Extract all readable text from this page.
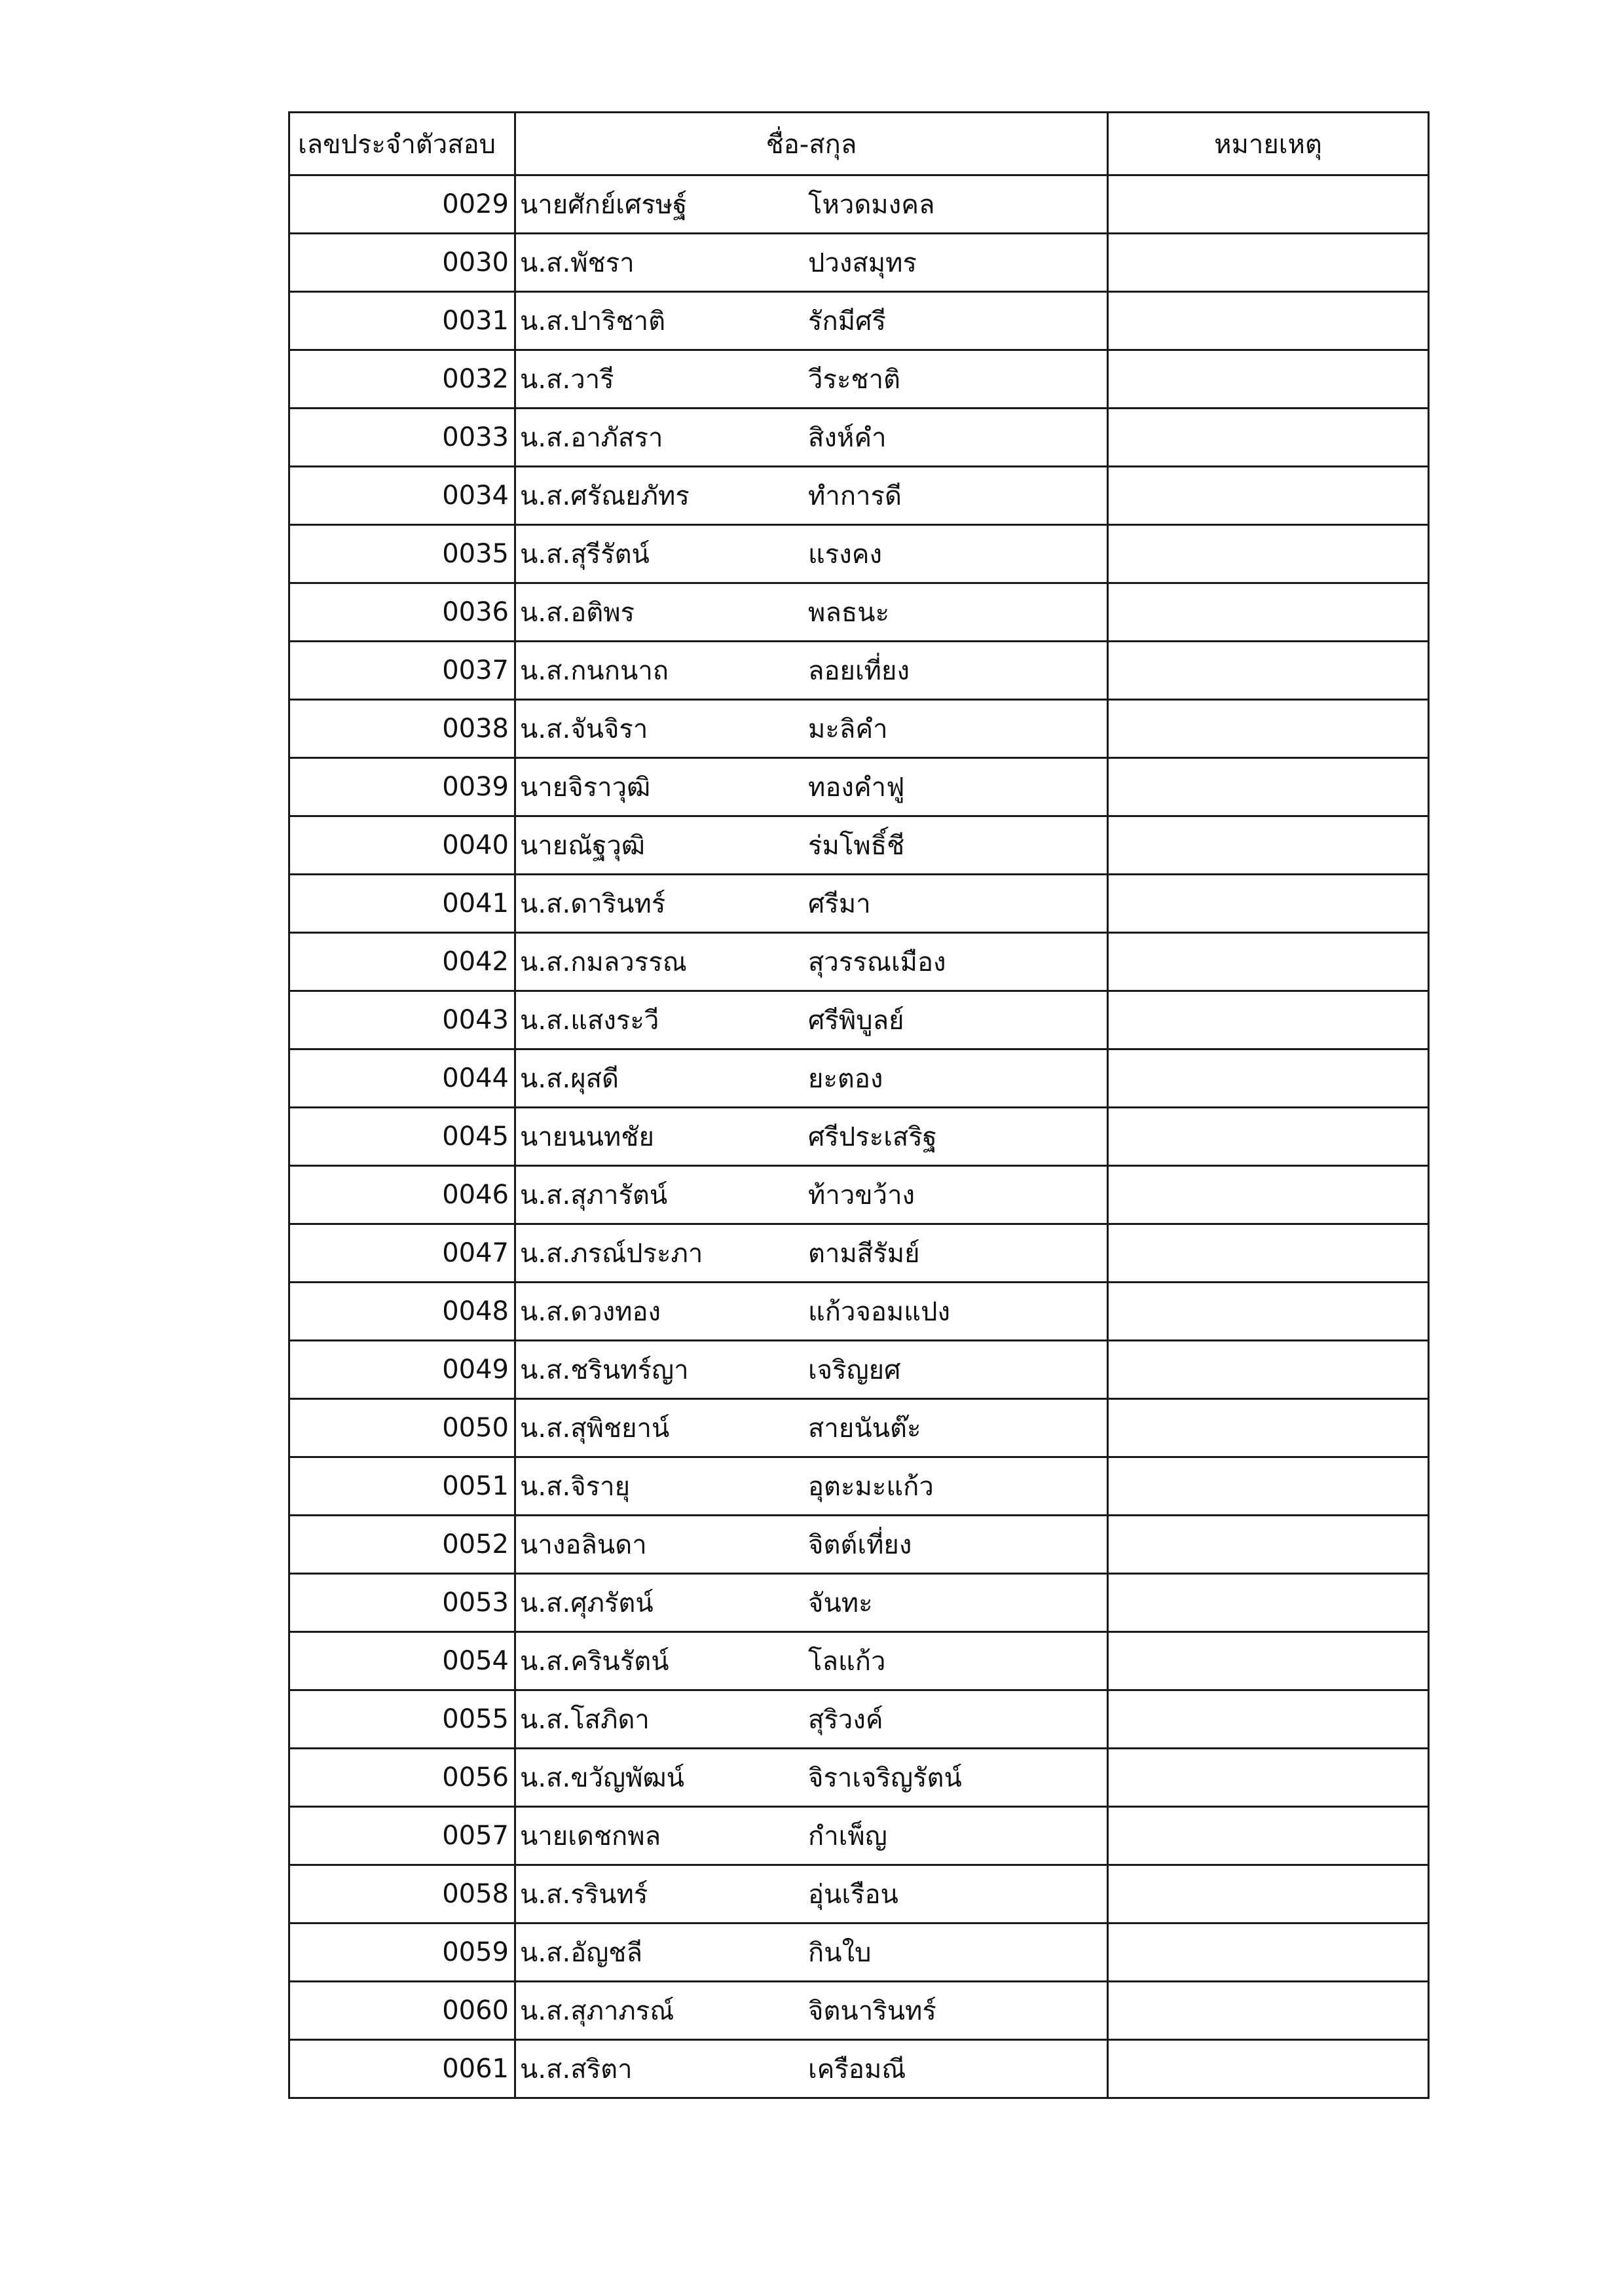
เลขประจำตัวสอบ	ชื่อ-สกุล	หมายเหตุ
0029	นายศักย์เศรษฐ์ โหวดมงคล	
0030	น.ส.พัชรา ปวงสมุทร	
0031	น.ส.ปาริชาติ รักมีศรี	
0032	น.ส.วารี วีระชาติ	
0033	น.ส.อาภัสรา สิงห์คำ	
0034	น.ส.ศรัณยภัทร ทำการดี	
0035	น.ส.สุรีรัตน์ แรงคง	
0036	น.ส.อติพร พลธนะ	
0037	น.ส.กนกนาถ ลอยเที่ยง	
0038	น.ส.จันจิรา มะลิคำ	
0039	นายจิราวุฒิ ทองคำฟู	
0040	นายณัฐวุฒิ ร่มโพธิ์ชี	
0041	น.ส.ดารินทร์ ศรีมา	
0042	น.ส.กมลวรรณ สุวรรณเมือง	
0043	น.ส.แสงระวี ศรีพิบูลย์	
0044	น.ส.ผุสดี ยะตอง	
0045	นายนนทชัย ศรีประเสริฐ	
0046	น.ส.สุภารัตน์ ท้าวขว้าง	
0047	น.ส.ภรณ์ประภา ตามสีรัมย์	
0048	น.ส.ดวงทอง แก้วจอมแปง	
0049	น.ส.ชรินทร์ญา เจริญยศ	
0050	น.ส.สุพิชยาน์ สายนันต๊ะ	
0051	น.ส.จิรายุ อุตะมะแก้ว	
0052	นางอลินดา จิตต์เที่ยง	
0053	น.ส.ศุภรัตน์ จันทะ	
0054	น.ส.ครินรัตน์ โลแก้ว	
0055	น.ส.โสภิดา สุริวงค์	
0056	น.ส.ขวัญพัฒน์ จิราเจริญรัตน์	
0057	นายเดชกพล กำเพ็ญ	
0058	น.ส.รรินทร์ อุ่นเรือน	
0059	น.ส.อัญชลี กินใบ	
0060	น.ส.สุภาภรณ์ จิตนารินทร์	
0061	น.ส.สริตา เครือมณี	
